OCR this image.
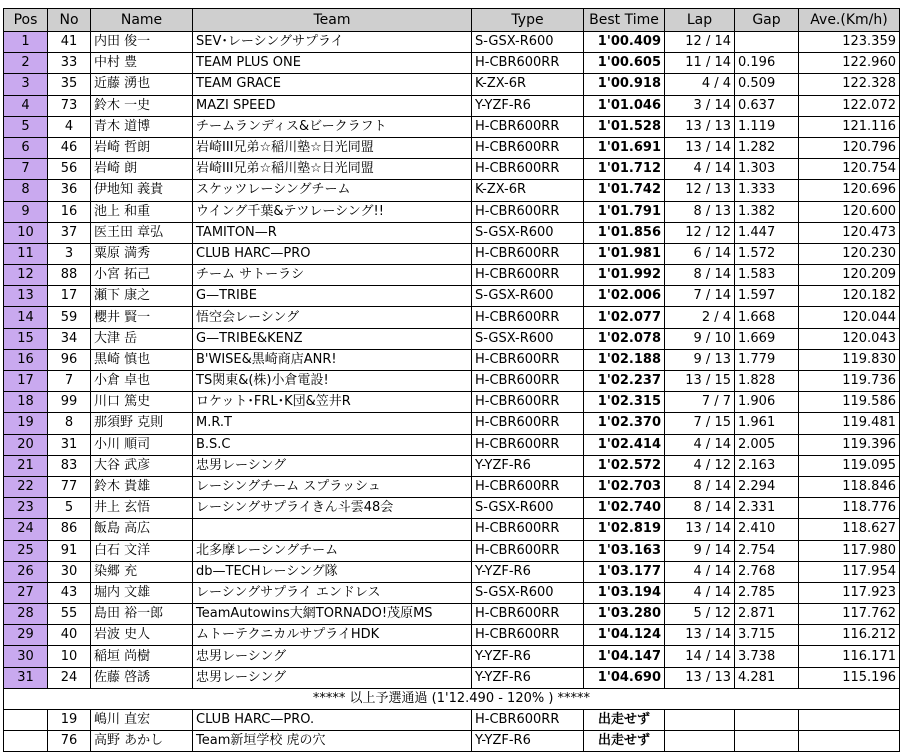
Pos	No	Name	Team	Type	Best Time	Lap	Gap	Ave.(Km/h)
1	41	内田 俊一	SEV･レーシングサプライ	S-GSX-R600	1'00.409	12 / 14		123.359
2	33	中村 豊	TEAM PLUS ONE	H-CBR600RR	1'00.605	11 / 14	0.196	122.960
3	35	近藤 湧也	TEAM GRACE	K-ZX-6R	1'00.918	4 / 4	0.509	122.328
4	73	鈴木 一史	MAZI SPEED	Y-YZF-R6	1'01.046	3 / 14	0.637	122.072
5	4	青木 道博	チームランディス&ビークラフト	H-CBR600RR	1'01.528	13 / 13	1.119	121.116
6	46	岩崎 哲朗	岩崎III兄弟☆稲川塾☆日光同盟	H-CBR600RR	1'01.691	13 / 14	1.282	120.796
7	56	岩崎 朗	岩崎III兄弟☆稲川塾☆日光同盟	H-CBR600RR	1'01.712	4 / 14	1.303	120.754
8	36	伊地知 義貴	スケッツレーシングチーム	K-ZX-6R	1'01.742	12 / 13	1.333	120.696
9	16	池上 和重	ウイング千葉&テツレーシング!!	H-CBR600RR	1'01.791	8 / 13	1.382	120.600
10	37	医王田 章弘	TAMITON—R	S-GSX-R600	1'01.856	12 / 12	1.447	120.473
11	3	粟原 満秀	CLUB HARC—PRO	H-CBR600RR	1'01.981	6 / 14	1.572	120.230
12	88	小宮 拓己	チーム サトーラシ	H-CBR600RR	1'01.992	8 / 14	1.583	120.209
13	17	瀬下 康之	G—TRIBE	S-GSX-R600	1'02.006	7 / 14	1.597	120.182
14	59	櫻井 賢一	悟空会レーシング	H-CBR600RR	1'02.077	2 / 4	1.668	120.044
15	34	大津 岳	G—TRIBE&KENZ	S-GSX-R600	1'02.078	9 / 10	1.669	120.043
16	96	黒崎 慎也	B'WISE&黒崎商店ANR!	H-CBR600RR	1'02.188	9 / 13	1.779	119.830
17	7	小倉 卓也	TS関東&(株)小倉電設!	H-CBR600RR	1'02.237	13 / 15	1.828	119.736
18	99	川口 篤史	ロケット･FRL･K団&笠井R	H-CBR600RR	1'02.315	7 / 7	1.906	119.586
19	8	那須野 克則	M.R.T	H-CBR600RR	1'02.370	7 / 15	1.961	119.481
20	31	小川 順司	B.S.C	H-CBR600RR	1'02.414	4 / 14	2.005	119.396
21	83	大谷 武彦	忠男レーシング	Y-YZF-R6	1'02.572	4 / 12	2.163	119.095
22	77	鈴木 貴雄	レーシングチーム スプラッシュ	H-CBR600RR	1'02.703	8 / 14	2.294	118.846
23	5	井上 玄悟	レーシングサプライきん斗雲48会	S-GSX-R600	1'02.740	8 / 14	2.331	118.776
24	86	飯島 高広		H-CBR600RR	1'02.819	13 / 14	2.410	118.627
25	91	白石 文洋	北多摩レーシングチーム	H-CBR600RR	1'03.163	9 / 14	2.754	117.980
26	30	染郷 充	db—TECHレーシング隊	Y-YZF-R6	1'03.177	4 / 14	2.768	117.954
27	43	堀内 文雄	レーシングサプライ エンドレス	S-GSX-R600	1'03.194	4 / 14	2.785	117.923
28	55	島田 裕一郎	TeamAutowins大網TORNADO!茂原MS	H-CBR600RR	1'03.280	5 / 12	2.871	117.762
29	40	岩波 史人	ムトーテクニカルサプライHDK	H-CBR600RR	1'04.124	13 / 14	3.715	116.212
30	10	稲垣 尚樹	忠男レーシング	Y-YZF-R6	1'04.147	14 / 14	3.738	116.171
31	24	佐藤 啓誘	忠男レーシング	Y-YZF-R6	1'04.690	13 / 13	4.281	115.196
***** 以上予選通過 (1'12.490 - 120% ) *****								
	19	嶋川 直宏	CLUB HARC—PRO.	H-CBR600RR	出走せず			
	76	高野 あかし	Team新垣学校 虎の穴	Y-YZF-R6	出走せず			
